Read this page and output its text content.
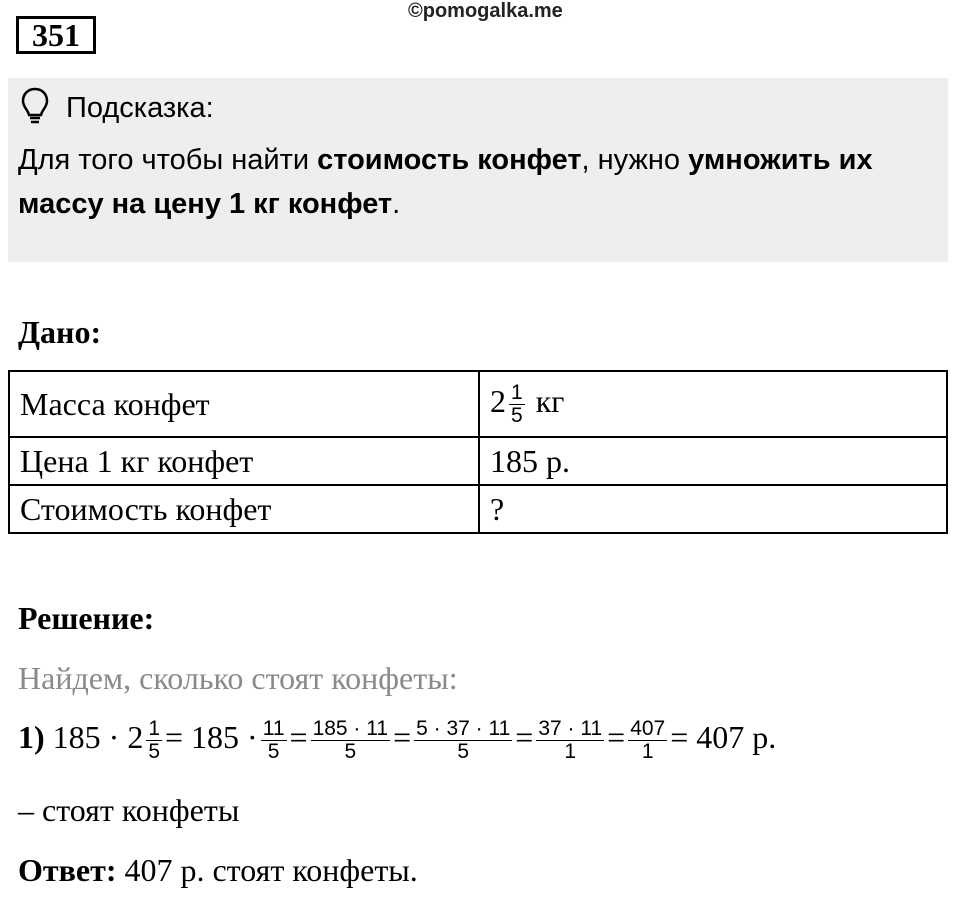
351
©pomogalka.me
Подсказка:
Для того чтобы найти стоимость конфет, нужно умножить их массу на цену 1 кг конфет.
Дано:
Масса конфет	$2 \frac{1}{5}$ кг
Цена 1 кг конфет	185 р.
Стоимость конфет	?
Решение:
Найдем, сколько стоят конфеты:
1) $185 \cdot 2 \frac{1}{5} = 185 \cdot \frac{11}{5} = \frac{185 \cdot 11}{5} = \frac{5 \cdot 37 \cdot 11}{5} = \frac{37 \cdot 11}{1} = \frac{407}{1} = 407$ р.
– стоят конфеты
Ответ: 407 р. стоят конфеты.
